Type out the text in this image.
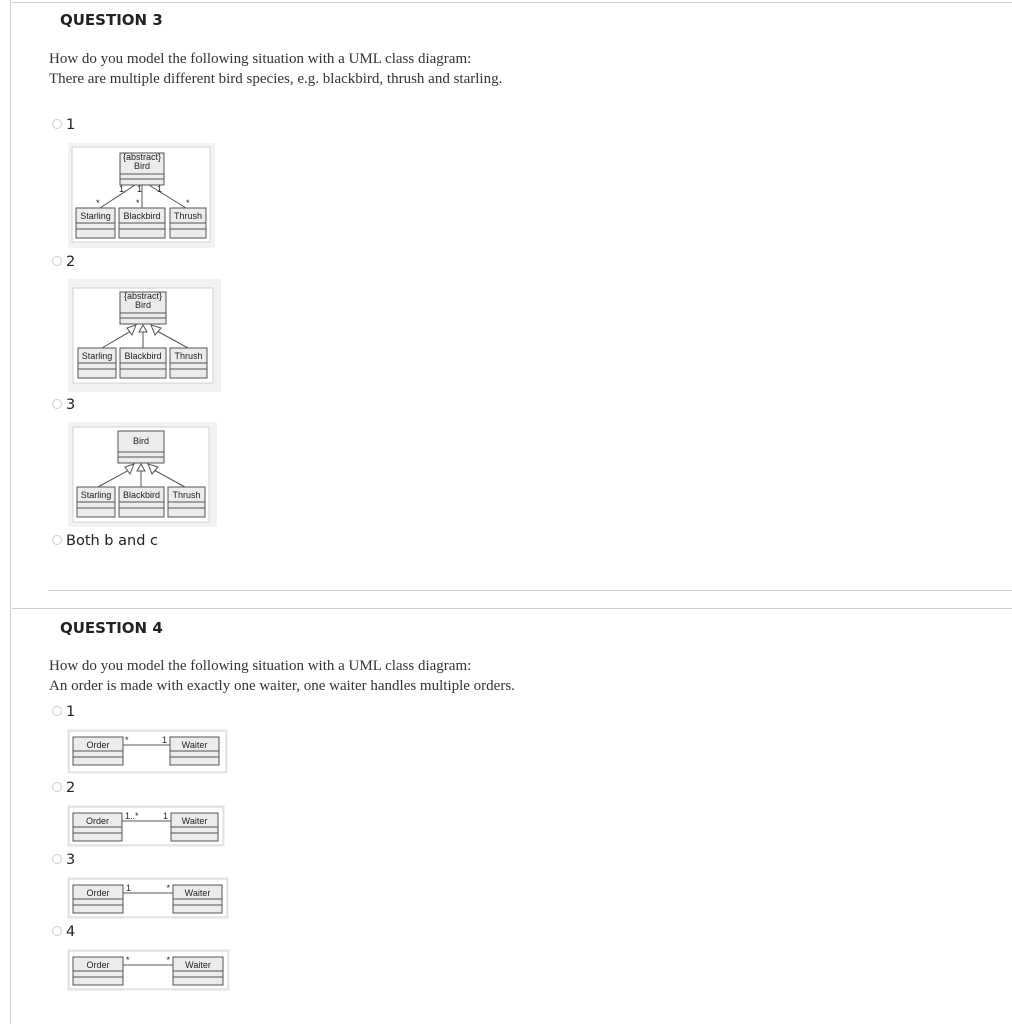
QUESTION 3
How do you model the following situation with a UML class diagram:
There are multiple different bird species, e.g. blackbird, thrush and starling.
1
{abstract}
Bird
1 1 1
*	*	*
Starling Blackbird Thrush
2
{abstract}
Bird
Starling Blackbird Thrush
3
Bird
Starling Blackbird Thrush
Both b and c
QUESTION 4
How do you model the following situation with a UML class diagram:
An order is made with exactly one waiter, one waiter handles multiple orders.
1
Order *	1 Waiter
2
Order 1..*	1 Waiter
3
Order 1	* Waiter
4
Order *	* Waiter
